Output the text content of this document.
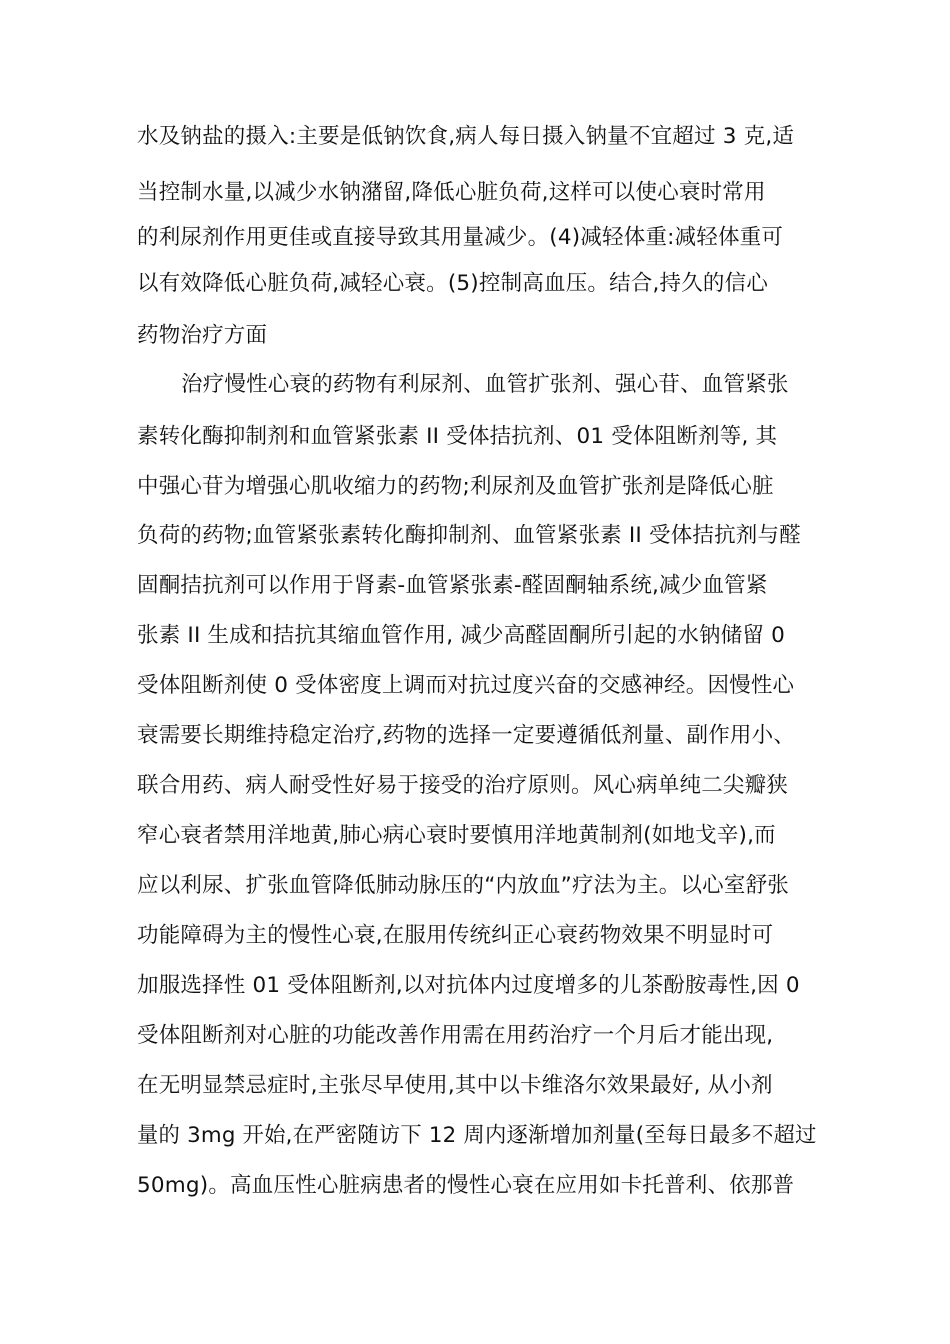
水及钠盐的摄入:主要是低钠饮食,病人每日摄入钠量不宜超过 3 克,适
当控制水量,以减少水钠潴留,降低心脏负荷,这样可以使心衰时常用
的利尿剂作用更佳或直接导致其用量减少。(4)减轻体重:减轻体重可
以有效降低心脏负荷,减轻心衰。(5)控制高血压。结合,持久的信心
药物治疗方面
治疗慢性心衰的药物有利尿剂、血管扩张剂、强心苷、血管紧张
素转化酶抑制剂和血管紧张素 II 受体拮抗剂、01 受体阻断剂等, 其
中强心苷为增强心肌收缩力的药物;利尿剂及血管扩张剂是降低心脏
负荷的药物;血管紧张素转化酶抑制剂、血管紧张素 II 受体拮抗剂与醛
固酮拮抗剂可以作用于肾素-血管紧张素-醛固酮轴系统,减少血管紧
张素 II 生成和拮抗其缩血管作用, 减少高醛固酮所引起的水钠储留 0
受体阻断剂使 0 受体密度上调而对抗过度兴奋的交感神经。因慢性心
衰需要长期维持稳定治疗,药物的选择一定要遵循低剂量、副作用小、
联合用药、病人耐受性好易于接受的治疗原则。风心病单纯二尖瓣狭
窄心衰者禁用洋地黄,肺心病心衰时要慎用洋地黄制剂(如地戈辛),而
应以利尿、扩张血管降低肺动脉压的“内放血”疗法为主。以心室舒张
功能障碍为主的慢性心衰,在服用传统纠正心衰药物效果不明显时可
加服选择性 01 受体阻断剂,以对抗体内过度增多的儿茶酚胺毒性,因 0
受体阻断剂对心脏的功能改善作用需在用药治疗一个月后才能出现,
在无明显禁忌症时,主张尽早使用,其中以卡维洛尔效果最好, 从小剂
量的 3mg 开始,在严密随访下 12 周内逐渐增加剂量(至每日最多不超过
50mg)。高血压性心脏病患者的慢性心衰在应用如卡托普利、依那普
